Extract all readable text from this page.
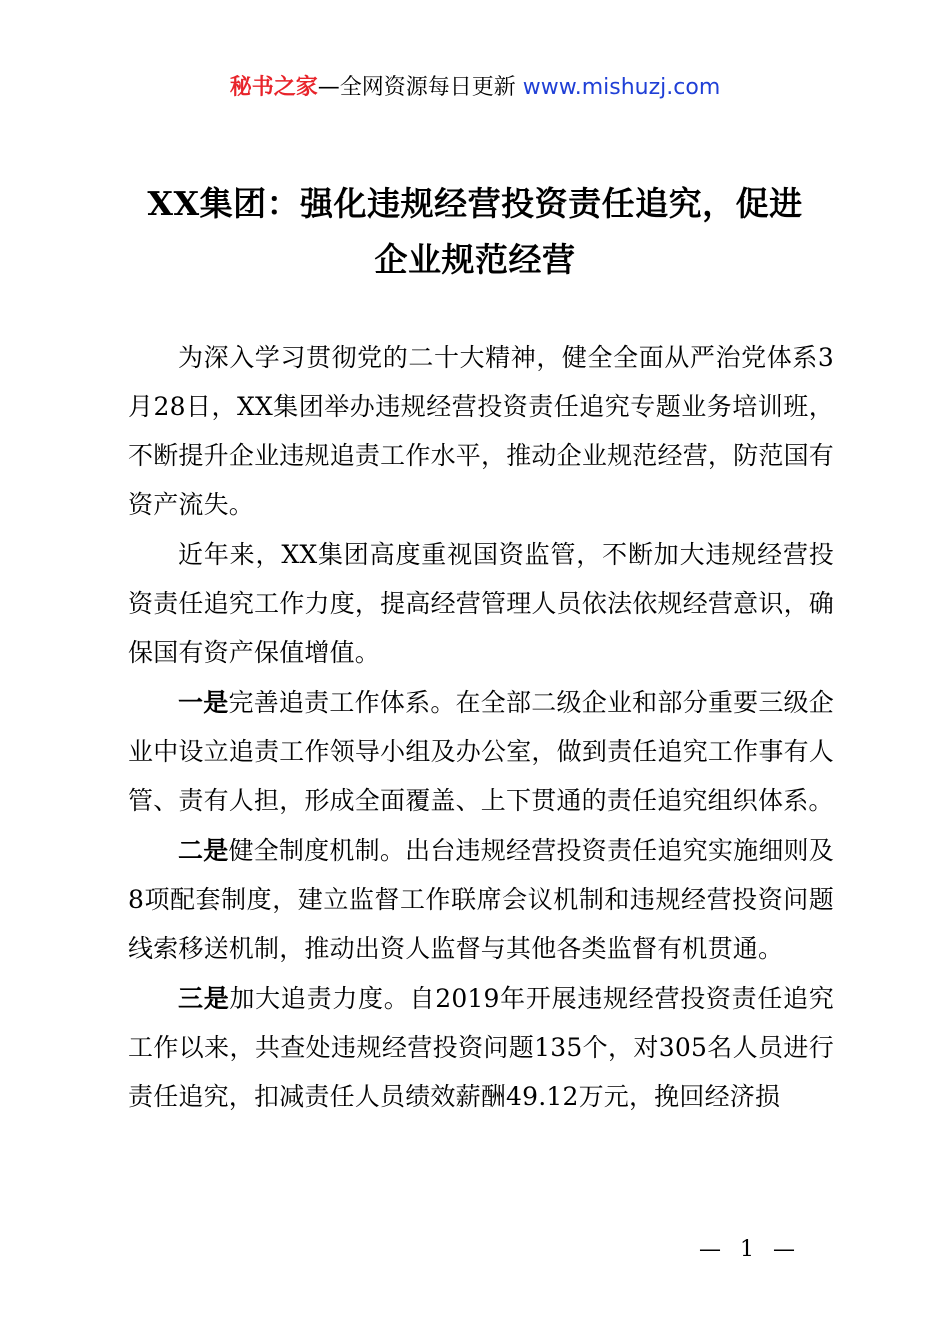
秘书之家—全网资源每日更新 www.mishuzj.com
XX集团：强化违规经营投资责任追究，促进
企业规范经营

为深入学习贯彻党的二十大精神，健全全面从严治党体系3月28日，XX集团举办违规经营投资责任追究专题业务培训班，不断提升企业违规追责工作水平，推动企业规范经营，防范国有资产流失。

近年来，XX集团高度重视国资监管，不断加大违规经营投资责任追究工作力度，提高经营管理人员依法依规经营意识，确保国有资产保值增值。

一是完善追责工作体系。在全部二级企业和部分重要三级企业中设立追责工作领导小组及办公室，做到责任追究工作事有人管、责有人担，形成全面覆盖、上下贯通的责任追究组织体系。

二是健全制度机制。出台违规经营投资责任追究实施细则及8项配套制度，建立监督工作联席会议机制和违规经营投资问题线索移送机制，推动出资人监督与其他各类监督有机贯通。

三是加大追责力度。自2019年开展违规经营投资责任追究工作以来，共查处违规经营投资问题135个，对305名人员进行责任追究，扣减责任人员绩效薪酬49.12万元，挽回经济损

— 1 —
